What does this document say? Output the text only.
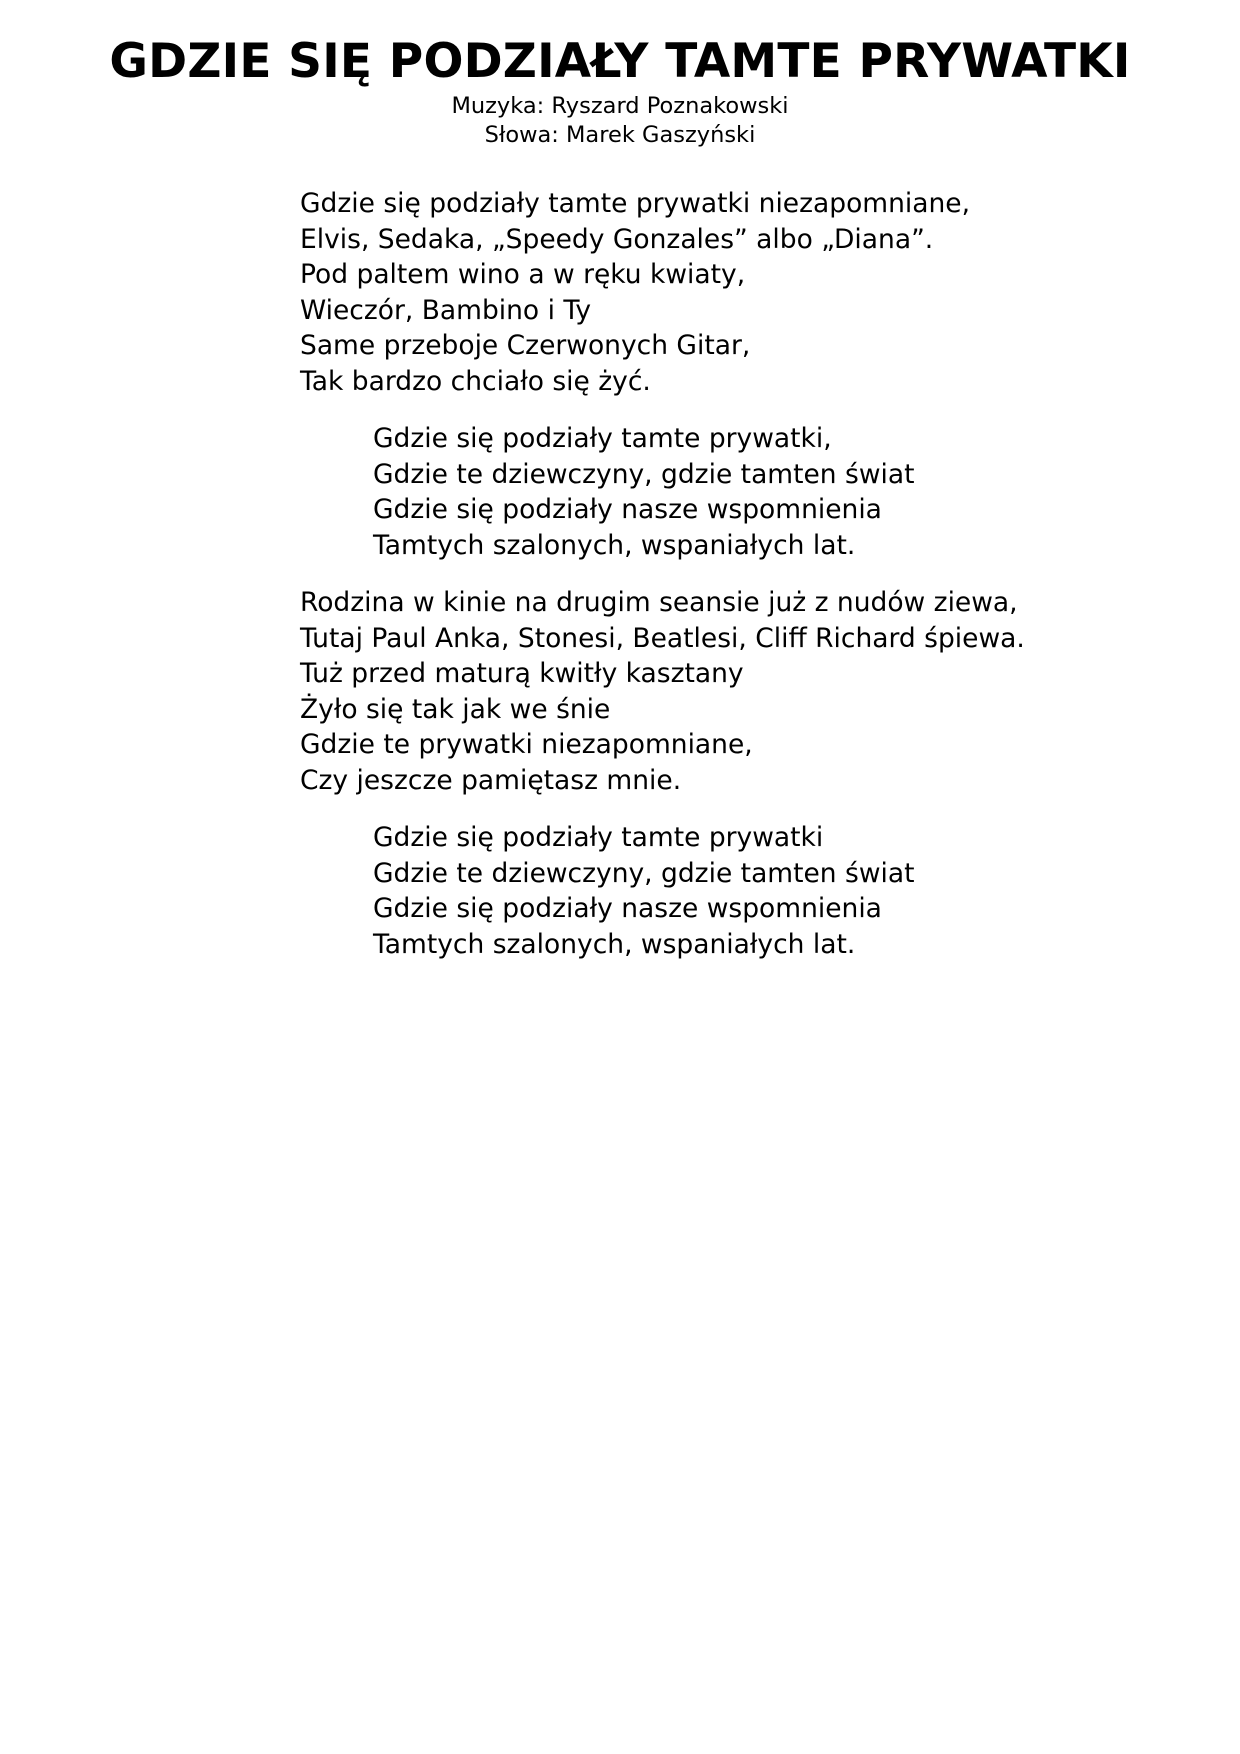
GDZIE SIĘ PODZIAŁY TAMTE PRYWATKI
Muzyka: Ryszard Poznakowski
Słowa: Marek Gaszyński
Gdzie się podziały tamte prywatki niezapomniane,
Elvis, Sedaka, „Speedy Gonzales” albo „Diana”.
Pod paltem wino a w ręku kwiaty,
Wieczór, Bambino i Ty
Same przeboje Czerwonych Gitar,
Tak bardzo chciało się żyć.
Gdzie się podziały tamte prywatki,
Gdzie te dziewczyny, gdzie tamten świat
Gdzie się podziały nasze wspomnienia
Tamtych szalonych, wspaniałych lat.
Rodzina w kinie na drugim seansie już z nudów ziewa,
Tutaj Paul Anka, Stonesi, Beatlesi, Cliff Richard śpiewa.
Tuż przed maturą kwitły kasztany
Żyło się tak jak we śnie
Gdzie te prywatki niezapomniane,
Czy jeszcze pamiętasz mnie.
Gdzie się podziały tamte prywatki
Gdzie te dziewczyny, gdzie tamten świat
Gdzie się podziały nasze wspomnienia
Tamtych szalonych, wspaniałych lat.
